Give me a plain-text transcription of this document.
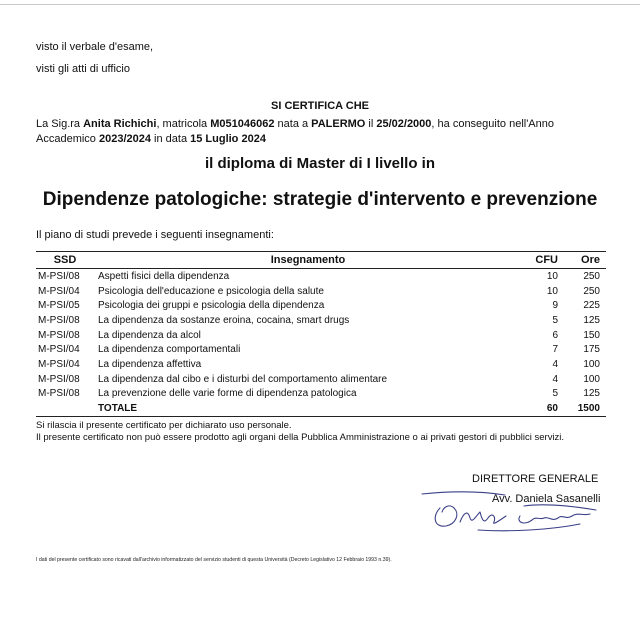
visto il verbale d'esame,
visti gli atti di ufficio
SI CERTIFICA CHE
La Sig.ra Anita Richichi, matricola M051046062 nata a PALERMO il 25/02/2000, ha conseguito nell'Anno
Accademico 2023/2024 in data 15 Luglio 2024
il diploma di Master di I livello in
Dipendenze patologiche: strategie d'intervento e prevenzione
Il piano di studi prevede i seguenti insegnamenti:
SSD	Insegnamento	CFU	Ore
M-PSI/08	Aspetti fisici della dipendenza	10	250
M-PSI/04	Psicologia dell'educazione e psicologia della salute	10	250
M-PSI/05	Psicologia dei gruppi e psicologia della dipendenza	9	225
M-PSI/08	La dipendenza da sostanze eroina, cocaina, smart drugs	5	125
M-PSI/08	La dipendenza da alcol	6	150
M-PSI/04	La dipendenza comportamentali	7	175
M-PSI/04	La dipendenza affettiva	4	100
M-PSI/08	La dipendenza dal cibo e i disturbi del comportamento alimentare	4	100
M-PSI/08	La prevenzione delle varie forme di dipendenza patologica	5	125
	TOTALE	60	1500
Si rilascia il presente certificato per dichiarato uso personale.
Il presente certificato non può essere prodotto agli organi della Pubblica Amministrazione o ai privati gestori di pubblici servizi.
DIRETTORE GENERALE
Avv. Daniela Sasanelli
I dati del presente certificato sono ricavati dall'archivio informatizzato del servizio studenti di questa Università (Decreto Legislativo 12 Febbraio 1993 n.39).
